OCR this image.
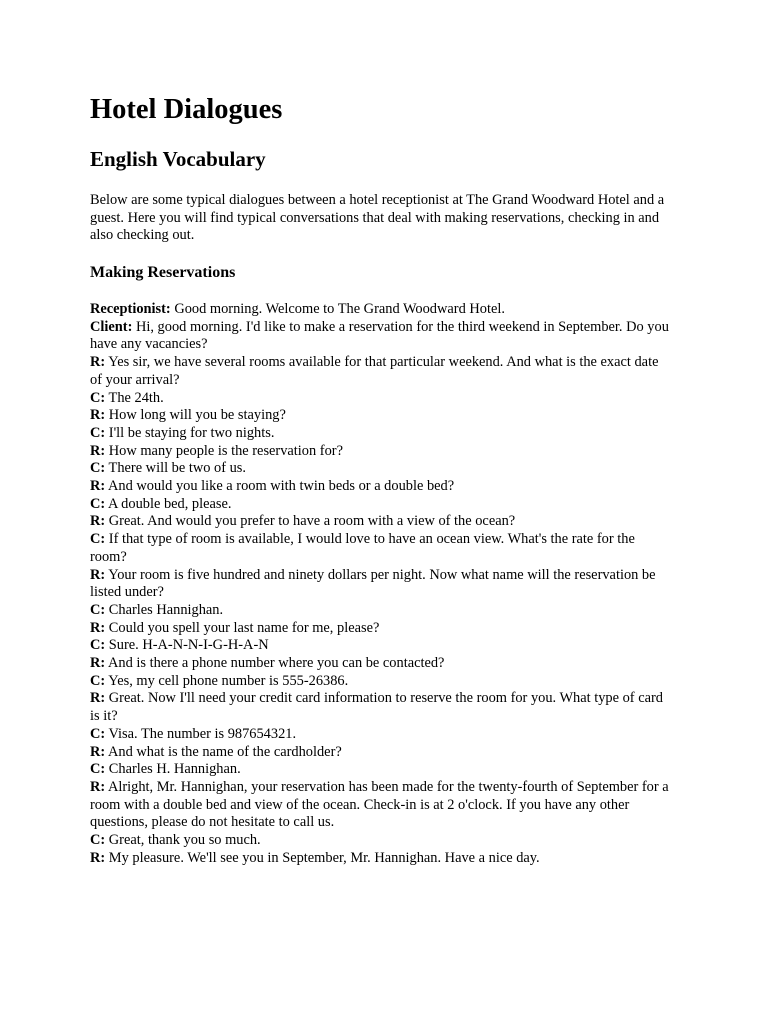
Hotel Dialogues
English Vocabulary

Below are some typical dialogues between a hotel receptionist at The Grand Woodward Hotel and a guest. Here you will find typical conversations that deal with making reservations, checking in and also checking out.

Making Reservations
Receptionist: Good morning. Welcome to The Grand Woodward Hotel.
Client: Hi, good morning. I'd like to make a reservation for the third weekend in September. Do you have any vacancies?
R: Yes sir, we have several rooms available for that particular weekend. And what is the exact date of your arrival?
C: The 24th.
R: How long will you be staying?
C: I'll be staying for two nights.
R: How many people is the reservation for?
C: There will be two of us.
R: And would you like a room with twin beds or a double bed?
C: A double bed, please.
R: Great. And would you prefer to have a room with a view of the ocean?
C: If that type of room is available, I would love to have an ocean view. What's the rate for the room?
R: Your room is five hundred and ninety dollars per night. Now what name will the reservation be listed under?
C: Charles Hannighan.
R: Could you spell your last name for me, please?
C: Sure. H-A-N-N-I-G-H-A-N
R: And is there a phone number where you can be contacted?
C: Yes, my cell phone number is 555-26386.
R: Great. Now I'll need your credit card information to reserve the room for you. What type of card is it?
C: Visa. The number is 987654321.
R: And what is the name of the cardholder?
C: Charles H. Hannighan.
R: Alright, Mr. Hannighan, your reservation has been made for the twenty-fourth of September for a room with a double bed and view of the ocean. Check-in is at 2 o'clock. If you have any other questions, please do not hesitate to call us.
C: Great, thank you so much.
R: My pleasure. We'll see you in September, Mr. Hannighan. Have a nice day.
